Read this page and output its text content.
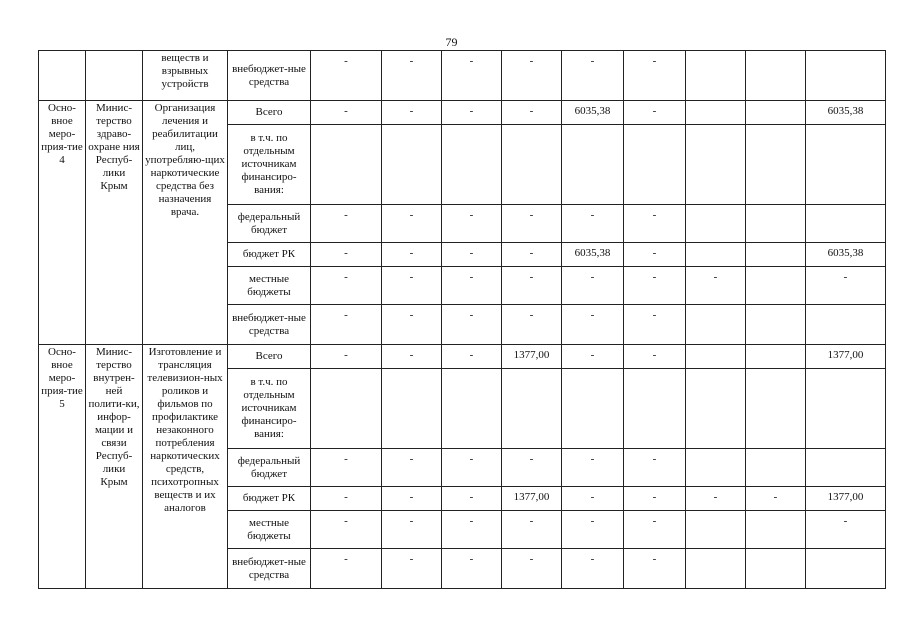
79
		веществ и взрывных устройств	внебюджет-ные средства	-	-	-	-	-	-			
Осно-вное меро-прия-тие 4	Минис-терство здраво-охране ния Респуб-лики Крым	Организация лечения и реабилитации лиц, употребляю-щих наркотические средства без назначения врача.	Всего	-	-	-	-	6035,38	-			6035,38
			в т.ч. по отдельным источникам финансиро-вания:									
			федеральный бюджет	-	-	-	-	-	-			
			бюджет РК	-	-	-	-	6035,38	-			6035,38
			местные бюджеты	-	-	-	-	-	-	-		-
			внебюджет-ные средства	-	-	-	-	-	-			
Осно-вное меро-прия-тие 5	Минис-терство внутрен-ней полити-ки, инфор-мации и связи Респуб-лики Крым	Изготовление и трансляция телевизион-ных роликов и фильмов по профилактике незаконного потребления наркотических средств, психотропных веществ и их аналогов	Всего	-	-	-	1377,00	-	-			1377,00
			в т.ч. по отдельным источникам финансиро-вания:									
			федеральный бюджет	-	-	-	-	-	-			
			бюджет РК	-	-	-	1377,00	-	-	-	-	1377,00
			местные бюджеты	-	-	-	-	-	-			-
			внебюджет-ные средства	-	-	-	-	-	-			
